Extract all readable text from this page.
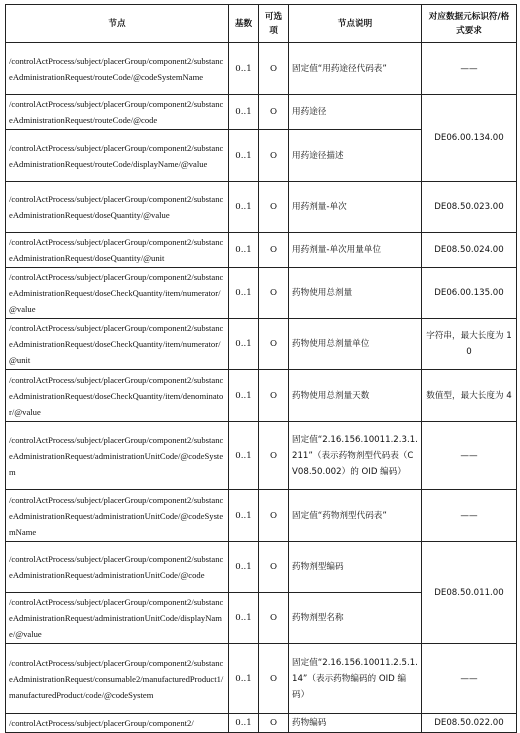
节点	基数	可选项	节点说明	对应数据元标识符/格式要求
/controlActProcess/subject/placerGroup/component2/substanceAdministrationRequest/routeCode/@codeSystemName	0..1	O	固定值“用药途径代码表”	——
/controlActProcess/subject/placerGroup/component2/substanceAdministrationRequest/routeCode/@code	0..1	O	用药途径	DE06.00.134.00
/controlActProcess/subject/placerGroup/component2/substanceAdministrationRequest/routeCode/displayName/@value	0..1	O	用药途径描述	
/controlActProcess/subject/placerGroup/component2/substanceAdministrationRequest/doseQuantity/@value	0..1	O	用药剂量-单次	DE08.50.023.00
/controlActProcess/subject/placerGroup/component2/substanceAdministrationRequest/doseQuantity/@unit	0..1	O	用药剂量-单次用量单位	DE08.50.024.00
/controlActProcess/subject/placerGroup/component2/substanceAdministrationRequest/doseCheckQuantity/item/numerator/@value	0..1	O	药物使用总剂量	DE06.00.135.00
/controlActProcess/subject/placerGroup/component2/substanceAdministrationRequest/doseCheckQuantity/item/numerator/@unit	0..1	O	药物使用总剂量单位	字符串，最大长度为 10
/controlActProcess/subject/placerGroup/component2/substanceAdministrationRequest/doseCheckQuantity/item/denominator/@value	0..1	O	药物使用总剂量天数	数值型，最大长度为 4
/controlActProcess/subject/placerGroup/component2/substanceAdministrationRequest/administrationUnitCode/@codeSystem	0..1	O	固定值“2.16.156.10011.2.3.1.211”（表示药物剂型代码表（CV08.50.002）的 OID 编码）	——
/controlActProcess/subject/placerGroup/component2/substanceAdministrationRequest/administrationUnitCode/@codeSystemName	0..1	O	固定值“药物剂型代码表”	——
/controlActProcess/subject/placerGroup/component2/substanceAdministrationRequest/administrationUnitCode/@code	0..1	O	药物剂型编码	DE08.50.011.00
/controlActProcess/subject/placerGroup/component2/substanceAdministrationRequest/administrationUnitCode/displayName/@value	0..1	O	药物剂型名称	
/controlActProcess/subject/placerGroup/component2/substanceAdministrationRequest/consumable2/manufacturedProduct1/manufacturedProduct/code/@codeSystem	0..1	O	固定值“2.16.156.10011.2.5.1.14”（表示药物编码的 OID 编码）	——
/controlActProcess/subject/placerGroup/component2/	0..1	O	药物编码	DE08.50.022.00
